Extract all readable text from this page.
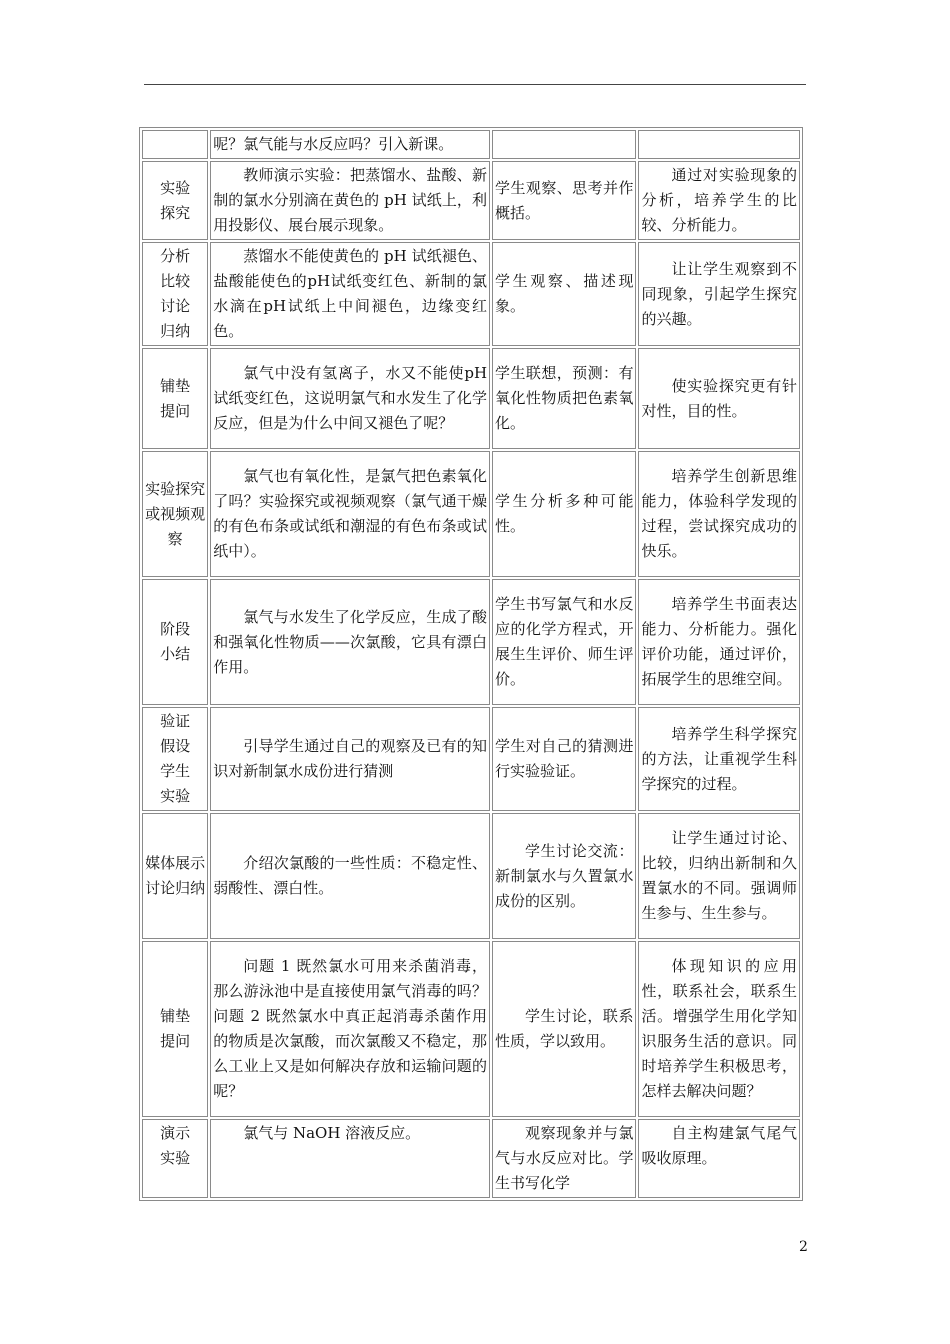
	呢？氯气能与水反应吗？引入新课。		

实验探究	教师演示实验：把蒸馏水、盐酸、新制的氯水分别滴在黄色的 pH 试纸上，利用投影仪、展台展示现象。	学生观察、思考并作概括。	通过对实验现象的分析，培养学生的比较、分析能力。

分析比较讨论归纳	蒸馏水不能使黄色的 pH 试纸褪色、盐酸能使色的pH试纸变红色、新制的氯水滴在pH试纸上中间褪色，边缘变红色。	学生观察、描述现象。	让让学生观察到不同现象，引起学生探究的兴趣。

铺垫提问	氯气中没有氢离子，水又不能使pH试纸变红色，这说明氯气和水发生了化学反应，但是为什么中间又褪色了呢？	学生联想，预测：有氧化性物质把色素氧化。	使实验探究更有针对性，目的性。

实验探究或视频观察	氯气也有氧化性，是氯气把色素氧化了吗？实验探究或视频观察（氯气通干燥的有色布条或试纸和潮湿的有色布条或试纸中）。	学生分析多种可能性。	培养学生创新思维能力，体验科学发现的过程，尝试探究成功的快乐。

阶段小结	氯气与水发生了化学反应，生成了酸和强氧化性物质——次氯酸，它具有漂白作用。	学生书写氯气和水反应的化学方程式，开展生生评价、师生评价。	培养学生书面表达能力、分析能力。强化评价功能，通过评价，拓展学生的思维空间。

验证假设学生实验	引导学生通过自己的观察及已有的知识对新制氯水成份进行猜测	学生对自己的猜测进行实验验证。	培养学生科学探究的方法，让重视学生科学探究的过程。

媒体展示讨论归纳	介绍次氯酸的一些性质：不稳定性、弱酸性、漂白性。	学生讨论交流：新制氯水与久置氯水成份的区别。	让学生通过讨论、比较，归纳出新制和久置氯水的不同。强调师生参与、生生参与。

铺垫提问	问题 1 既然氯水可用来杀菌消毒，那么游泳池中是直接使用氯气消毒的吗？问题 2 既然氯水中真正起消毒杀菌作用的物质是次氯酸，而次氯酸又不稳定，那么工业上又是如何解决存放和运输问题的呢？	学生讨论，联系性质，学以致用。	体现知识的应用性，联系社会，联系生活。增强学生用化学知识服务生活的意识。同时培养学生积极思考，怎样去解决问题？

演示实验	氯气与 NaOH 溶液反应。	观察现象并与氯气与水反应对比。学生书写化学	自主构建氯气尾气吸收原理。
2
